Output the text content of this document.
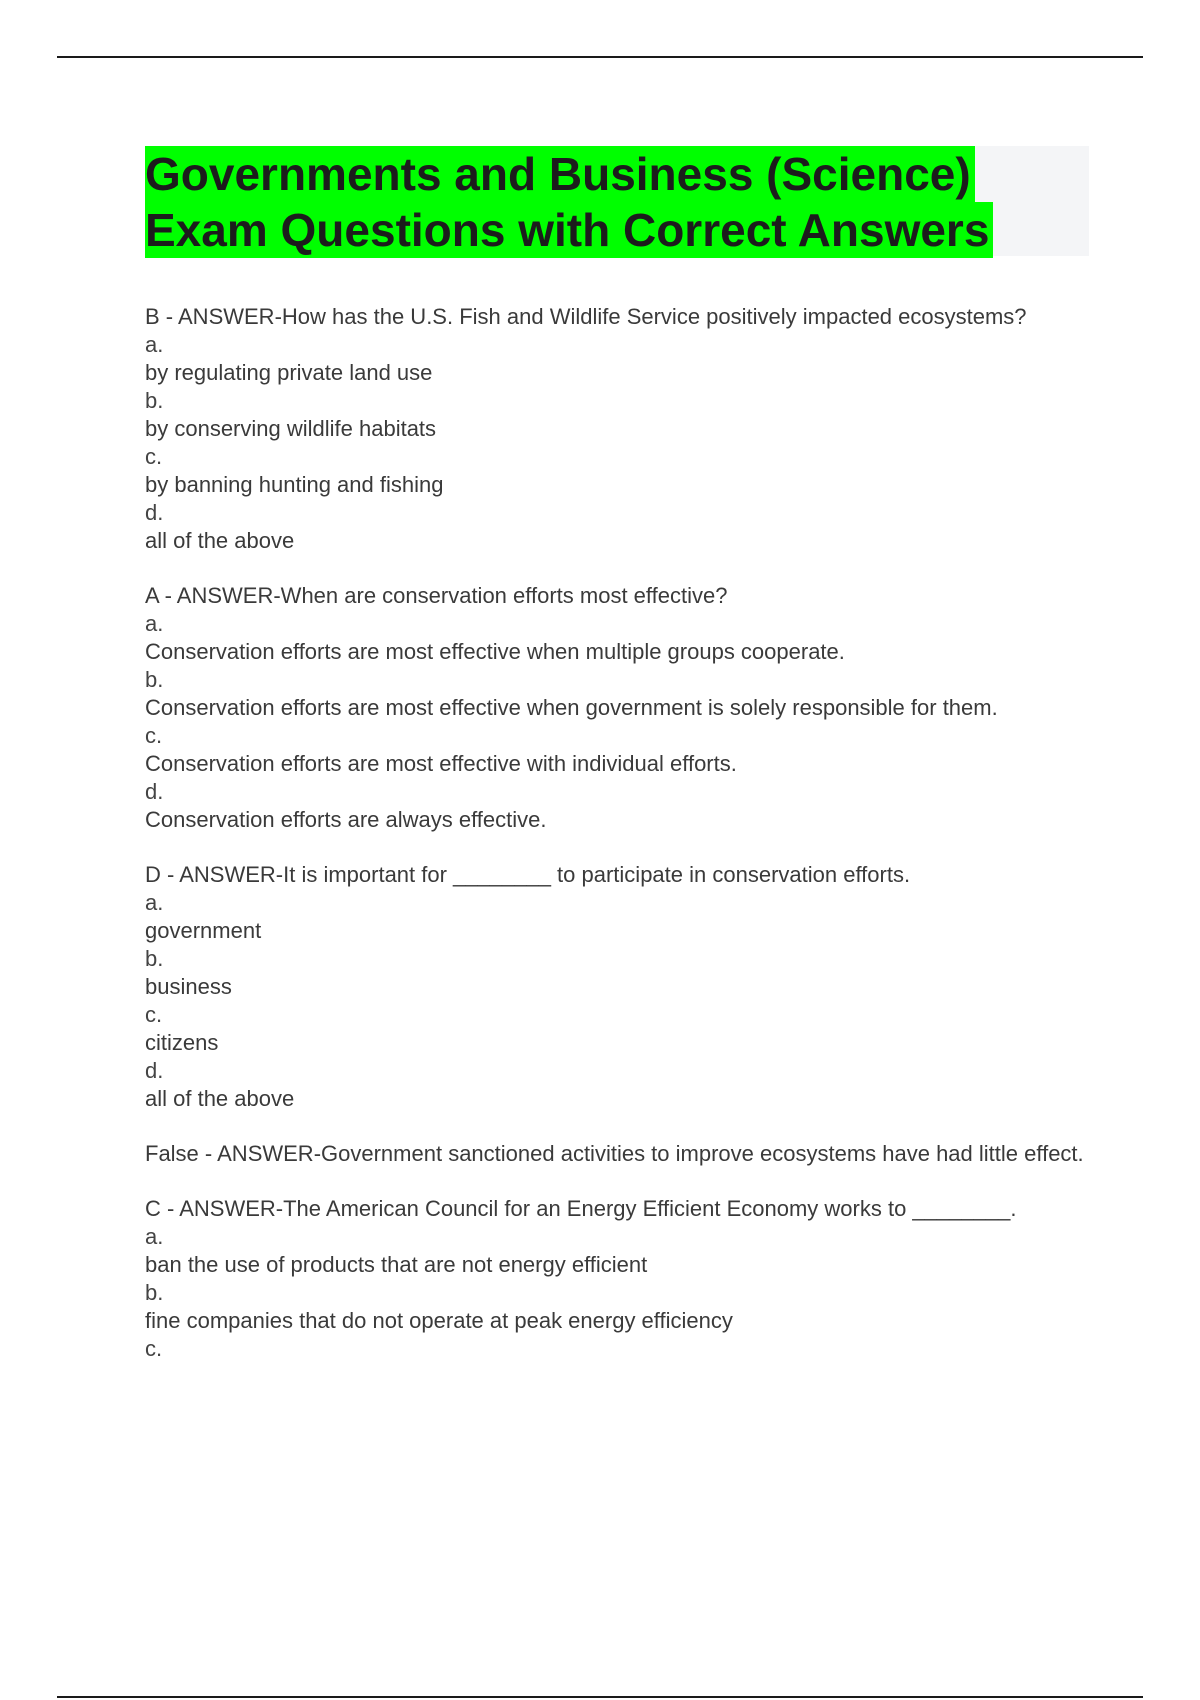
Governments and Business (Science)
Exam Questions with Correct Answers
B - ANSWER-How has the U.S. Fish and Wildlife Service positively impacted ecosystems?
a.
by regulating private land use
b.
by conserving wildlife habitats
c.
by banning hunting and fishing
d.
all of the above
A - ANSWER-When are conservation efforts most effective?
a.
Conservation efforts are most effective when multiple groups cooperate.
b.
Conservation efforts are most effective when government is solely responsible for them.
c.
Conservation efforts are most effective with individual efforts.
d.
Conservation efforts are always effective.
D - ANSWER-It is important for ________ to participate in conservation efforts.
a.
government
b.
business
c.
citizens
d.
all of the above
False - ANSWER-Government sanctioned activities to improve ecosystems have had little effect.
C - ANSWER-The American Council for an Energy Efficient Economy works to ________.
a.
ban the use of products that are not energy efficient
b.
fine companies that do not operate at peak energy efficiency
c.
